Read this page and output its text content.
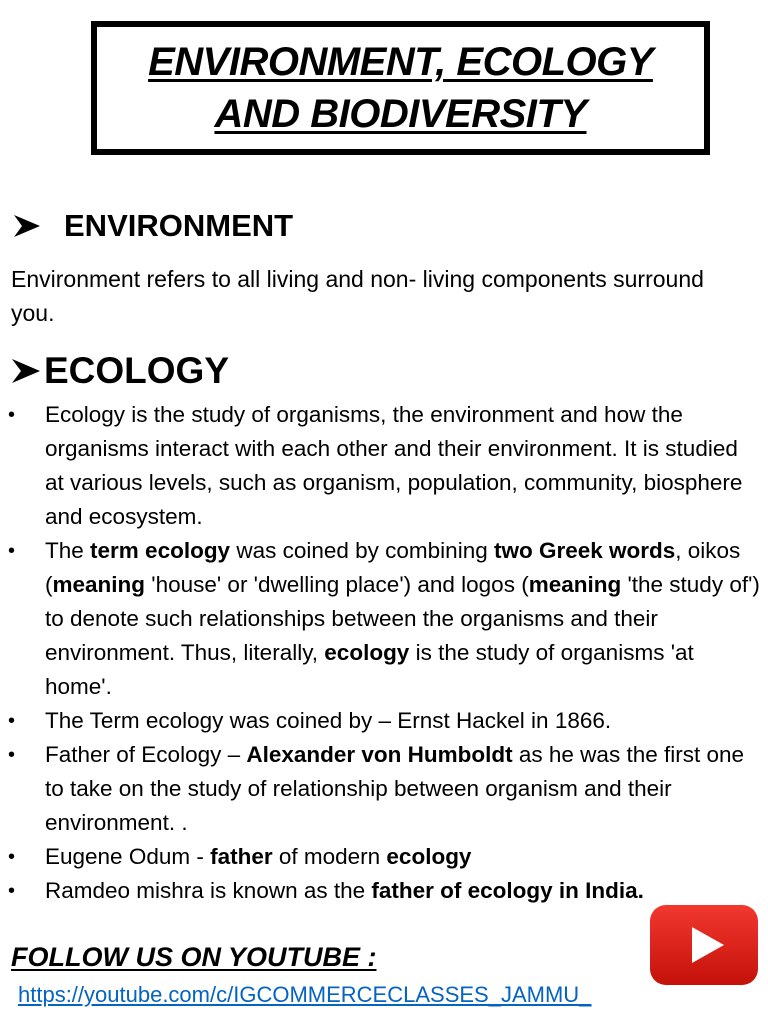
ENVIRONMENT, ECOLOGY
AND BIODIVERSITY
ENVIRONMENT
Environment refers to all living and non- living components surround you.
ECOLOGY
• Ecology is the study of organisms, the environment and how the organisms interact with each other and their environment. It is studied at various levels, such as organism, population, community, biosphere and ecosystem.
• The term ecology was coined by combining two Greek words, oikos (meaning 'house' or 'dwelling place') and logos (meaning 'the study of') to denote such relationships between the organisms and their environment. Thus, literally, ecology is the study of organisms 'at home'.
• The Term ecology was coined by – Ernst Hackel in 1866.
• Father of Ecology – Alexander von Humboldt as he was the first one to take on the study of relationship between organism and their environment. .
• Eugene Odum - father of modern ecology
• Ramdeo mishra is known as the father of ecology in India.
FOLLOW US ON YOUTUBE :
https://youtube.com/c/IGCOMMERCECLASSES_JAMMU_
